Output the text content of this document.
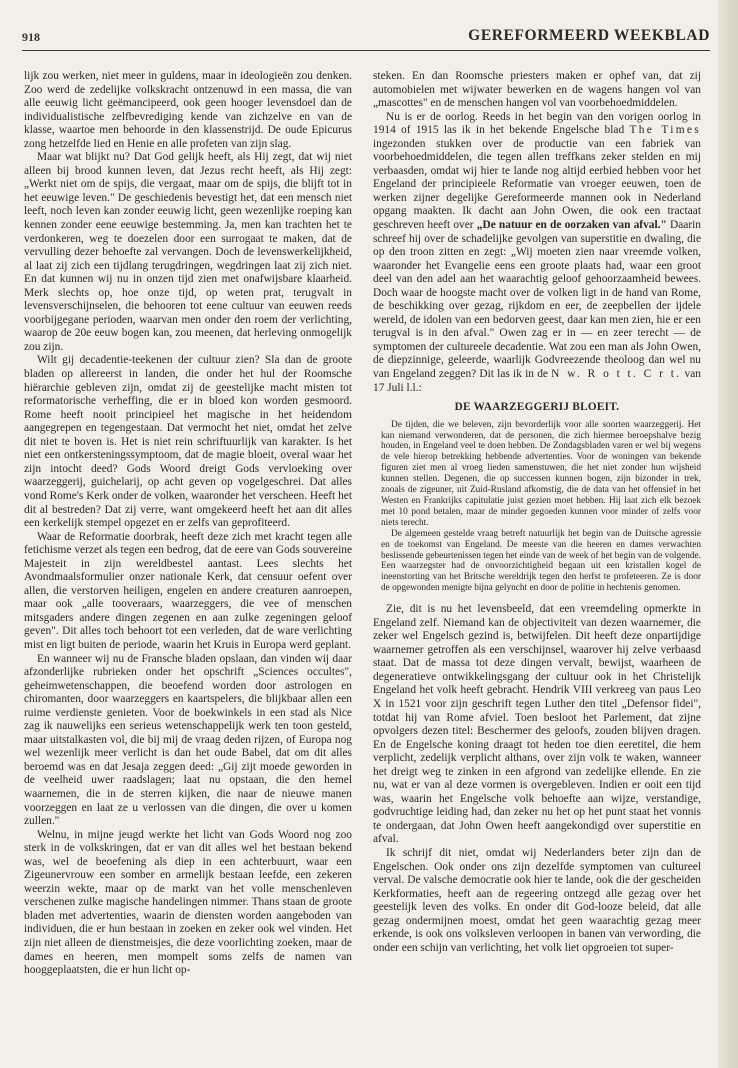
918	GEREFORMEERD WEEKBLAD

lijk zou werken, niet meer in guldens, maar in ideologieën zou denken. Zoo werd de zedelijke volkskracht ontzenuwd in een massa, die van alle eeuwig licht geëmancipeerd, ook geen hooger levensdoel dan de individualistische zelfbevrediging kende van zichzelve en van de klasse, waartoe men behoorde in den klassenstrijd. De oude Epicurus zong hetzelfde lied en Henie en alle profeten van zijn slag.

Maar wat blijkt nu? Dat God gelijk heeft, als Hij zegt, dat wij niet alleen bij brood kunnen leven, dat Jezus recht heeft, als Hij zegt: „Werkt niet om de spijs, die vergaat, maar om de spijs, die blijft tot in het eeuwige leven." De geschiedenis bevestigt het, dat een mensch niet leeft, noch leven kan zonder eeuwig licht, geen wezenlijke roeping kan kennen zonder eene eeuwige bestemming. Ja, men kan trachten het te verdonkeren, weg te doezelen door een surrogaat te maken, dat de vervulling dezer behoefte zal vervangen. Doch de levenswerkelijkheid, al laat zij zich een tijdlang terugdringen, wegdringen laat zij zich niet. En dat kunnen wij nu in onzen tijd zien met onafwijsbare klaarheid. Merk slechts op, hoe onze tijd, op weten prat, terugvalt in levensverschijnselen, die behooren tot eene cultuur van eeuwen reeds voorbijgegane perioden, waarvan men onder den roem der verlichting, waarop de 20e eeuw bogen kan, zou meenen, dat herleving onmogelijk zou zijn.

Wilt gij decadentie-teekenen der cultuur zien? Sla dan de groote bladen op allereerst in landen, die onder het hul der Roomsche hiërarchie gebleven zijn, omdat zij de geestelijke macht misten tot reformatorische verheffing, die er in bloed kon worden gesmoord. Rome heeft nooit principieel het magische in het heidendom aangegrepen en tegengestaan. Dat vermocht het niet, omdat het zelve dit niet te boven is. Het is niet rein schriftuurlijk van karakter. Is het niet een ontkersteningssymptoom, dat de magie bloeit, overal waar het zijn intocht deed? Gods Woord dreigt Gods vervloeking over waarzeggerij, guichelarij, op acht geven op vogelgeschrei. Dat alles vond Rome's Kerk onder de volken, waaronder het verscheen. Heeft het dit al bestreden? Dat zij verre, want omgekeerd heeft het aan dit alles een kerkelijk stempel opgezet en er zelfs van geprofiteerd.

Waar de Reformatie doorbrak, heeft deze zich met kracht tegen alle fetichisme verzet als tegen een bedrog, dat de eere van Gods souvereine Majesteit in zijn wereldbestel aantast. Lees slechts het Avondmaalsformulier onzer nationale Kerk, dat censuur oefent over allen, die verstorven heiligen, engelen en andere creaturen aanroepen, maar ook „alle tooveraars, waarzeggers, die vee of menschen mitsgaders andere dingen zegenen en aan zulke zegeningen geloof geven". Dit alles toch behoort tot een verleden, dat de ware verlichting mist en ligt buiten de periode, waarin het Kruis in Europa werd geplant.

En wanneer wij nu de Fransche bladen opslaan, dan vinden wij daar afzonderlijke rubrieken onder het opschrift „Sciences occultes", geheimwetenschappen, die beoefend worden door astrologen en chiromanten, door waarzeggers en kaartspelers, die blijkbaar allen een ruime verdienste genieten. Voor de boekwinkels in een stad als Nice zag ik nauwelijks een serieus wetenschappelijk werk ten toon gesteld, maar uitstalkasten vol, die bij mij de vraag deden rijzen, of Europa nog wel wezenlijk meer verlicht is dan het oude Babel, dat om dit alles beroemd was en dat Jesaja zeggen deed: „Gij zijt moede geworden in de veelheid uwer raadslagen; laat nu opstaan, die den hemel waarnemen, die in de sterren kijken, die naar de nieuwe manen voorzeggen en laat ze u verlossen van die dingen, die over u komen zullen."

Welnu, in mijne jeugd werkte het licht van Gods Woord nog zoo sterk in de volkskringen, dat er van dit alles wel het bestaan bekend was, wel de beoefening als diep in een achterbuurt, waar een Zigeunervrouw een somber en armelijk bestaan leefde, een zekeren weerzin wekte, maar op de markt van het volle menschenleven verschenen zulke magische handelingen nimmer. Thans staan de groote bladen met advertenties, waarin de diensten worden aangeboden van individuen, die er hun bestaan in zoeken en zeker ook wel vinden. Het zijn niet alleen de dienstmeisjes, die deze voorlichting zoeken, maar de dames en heeren, men mompelt soms zelfs de namen van hooggeplaatsten, die er hun licht op-

steken. En dan Roomsche priesters maken er ophef van, dat zij automobielen met wijwater bewerken en de wagens hangen vol van „mascottes" en de menschen hangen vol van voorbehoedmiddelen.

Nu is er de oorlog. Reeds in het begin van den vorigen oorlog in 1914 of 1915 las ik in het bekende Engelsche blad The Times ingezonden stukken over de productie van een fabriek van voorbehoedmiddelen, die tegen allen treffkans zeker stelden en mij verbaasden, omdat wij hier te lande nog altijd eerbied hebben voor het Engeland der principieele Reformatie van vroeger eeuwen, toen de werken zijner degelijke Gereformeerde mannen ook in Nederland opgang maakten. Ik dacht aan John Owen, die ook een tractaat geschreven heeft over „De natuur en de oorzaken van afval." Daarin schreef hij over de schadelijke gevolgen van superstitie en dwaling, die op den troon zitten en zegt: „Wij moeten zien naar vreemde volken, waaronder het Evangelie eens een groote plaats had, waar een groot deel van den adel aan het waarachtig geloof gehoorzaamheid bewees. Doch waar de hoogste macht over de volken ligt in de hand van Rome, de beschikking over gezag, rijkdom en eer, de zeepbellen der ijdele wereld, de idolen van een bedorven geest, daar kan men zien, hie er een terugval is in den afval." Owen zag er in — en zeer terecht — de symptomen der cultureele decadentie. Wat zou een man als John Owen, de diepzinnige, geleerde, waarlijk Godvreezende theoloog dan wel nu van Engeland zeggen? Dit las ik in de N w. R o t t. C r t. van 17 Juli l.l.:

DE WAARZEGGERIJ BLOEIT.

De tijden, die we beleven, zijn bevorderlijk voor alle soorten waarzeggerij. Het kan niemand verwonderen, dat de personen, die zich hiermee beroepshalve bezig houden, in Engeland veel te doen hebben. De Zondagsbladen varen er wel bij wegens de vele hierop betrekking hebbende advertenties. Voor de woningen van bekende figuren ziet men al vroeg lieden samenstuwen, die het niet zonder hun wijsheid kunnen stellen. Degenen, die op successen kunnen bogen, zijn bizonder in trek, zooals de zigeuner, uit Zuid-Rusland afkomstig, die de data van het offensief in het Westen en Frankrijks capitulatie juist gezien moet hebben. Hij laat zich elk bezoek met 10 pond betalen, maar de minder gegoeden kunnen voor minder of zelfs voor niets terecht.

De algemeen gestelde vraag betreft natuurlijk het begin van de Duitsche agressie en de toekomst van Engeland. De meeste van die heeren en dames verwachten beslissende gebeurtenissen tegen het einde van de week of het begin van de volgende. Een waarzegster had de onvoorzichtigheid begaan uit een kristallen kogel de ineenstorting van het Britsche wereldrijk tegen den herfst te profeteeren. Ze is door de opgewonden menigte bijna gelyncht en door de politie in hechtenis genomen.

Zie, dit is nu het levensbeeld, dat een vreemdeling opmerkte in Engeland zelf. Niemand kan de objectiviteit van dezen waarnemer, die zeker wel Engelsch gezind is, betwijfelen. Dit heeft deze onpartijdige waarnemer getroffen als een verschijnsel, waarover hij zelve verbaasd staat. Dat de massa tot deze dingen vervalt, bewijst, waarheen de degeneratieve ontwikkelingsgang der cultuur ook in het Christelijk Engeland het volk heeft gebracht. Hendrik VIII verkreeg van paus Leo X in 1521 voor zijn geschrift tegen Luther den titel „Defensor fidei", totdat hij van Rome afviel. Toen besloot het Parlement, dat zijne opvolgers dezen titel: Beschermer des geloofs, zouden blijven dragen. En de Engelsche koning draagt tot heden toe dien eeretitel, die hem verplicht, zedelijk verplicht althans, over zijn volk te waken, wanneer het dreigt weg te zinken in een afgrond van zedelijke ellende. En zie nu, wat er van al deze vormen is overgebleven. Indien er ooit een tijd was, waarin het Engelsche volk behoefte aan wijze, verstandige, godvruchtige leiding had, dan zeker nu het op het punt staat het vonnis te ondergaan, dat John Owen heeft aangekondigd over superstitie en afval.

Ik schrijf dit niet, omdat wij Nederlanders beter zijn dan de Engelschen. Ook onder ons zijn dezelfde symptomen van cultureel verval. De valsche democratie ook hier te lande, ook die der gescheiden Kerkformaties, heeft aan de regeering ontzegd alle gezag over het geestelijk leven des volks. En onder dit God-looze beleid, dat alle gezag ondermijnen moest, omdat het geen waarachtig gezag meer erkende, is ook ons volksleven verloopen in banen van verwording, die onder een schijn van verlichting, het volk liet opgroeien tot super-
